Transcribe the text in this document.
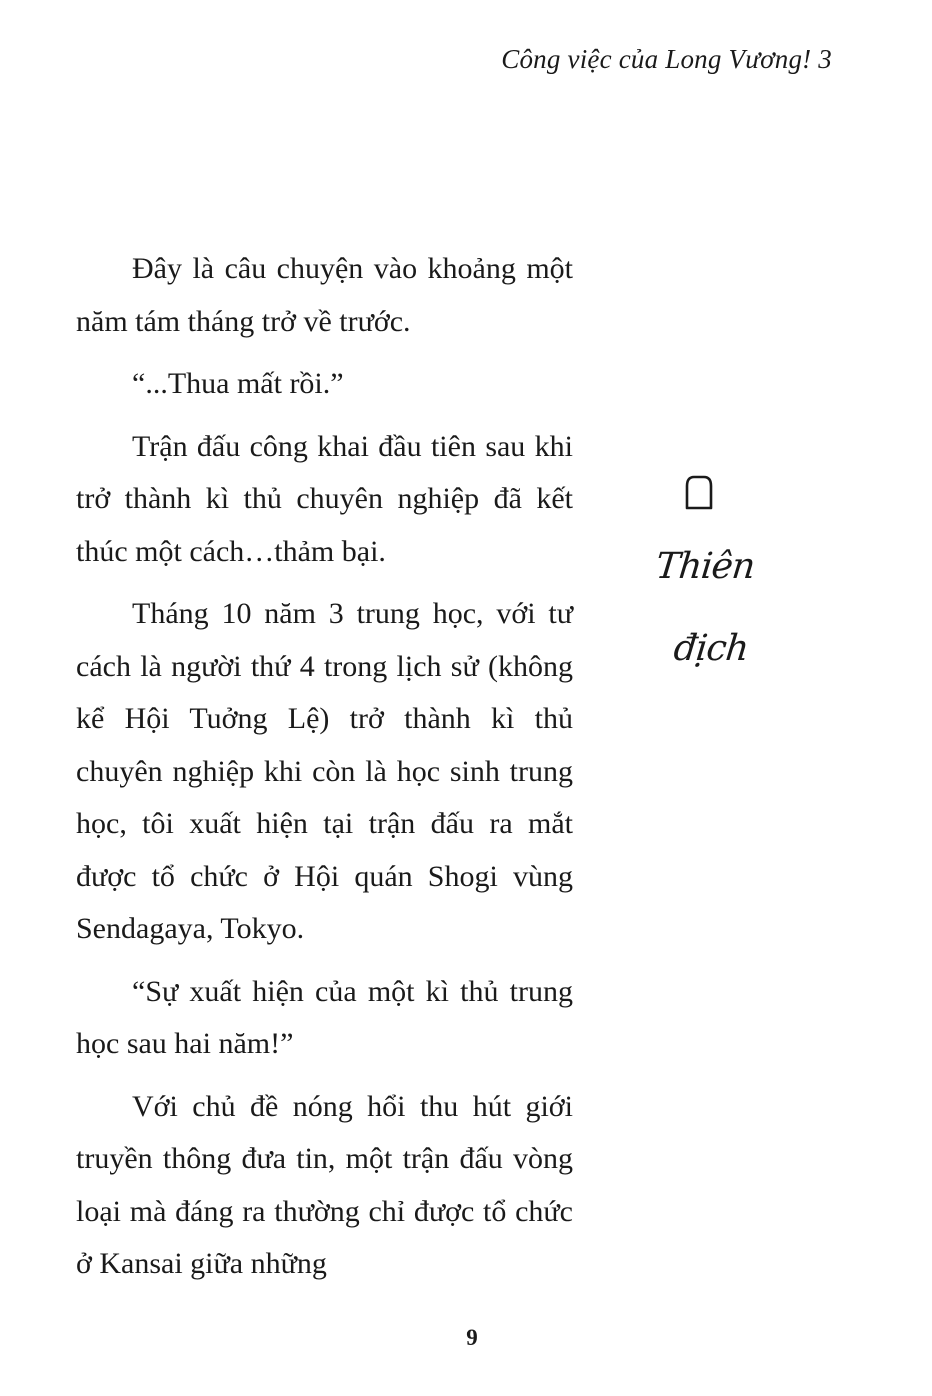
Công việc của Long Vương! 3

Đây là câu chuyện vào khoảng một năm tám tháng trở về trước.

“...Thua mất rồi.”

Trận đấu công khai đầu tiên sau khi trở thành kì thủ chuyên nghiệp đã kết thúc một cách…thảm bại.

Tháng 10 năm 3 trung học, với tư cách là người thứ 4 trong lịch sử (không kể Hội Tuởng Lệ) trở thành kì thủ chuyên nghiệp khi còn là học sinh trung học, tôi xuất hiện tại trận đấu ra mắt được tổ chức ở Hội quán Shogi vùng Sendagaya, Tokyo.

“Sự xuất hiện của một kì thủ trung học sau hai năm!”

Với chủ đề nóng hổi thu hút giới truyền thông đưa tin, một trận đấu vòng loại mà đáng ra thường chỉ được tổ chức ở Kansai giữa những

Thiên
địch
9
